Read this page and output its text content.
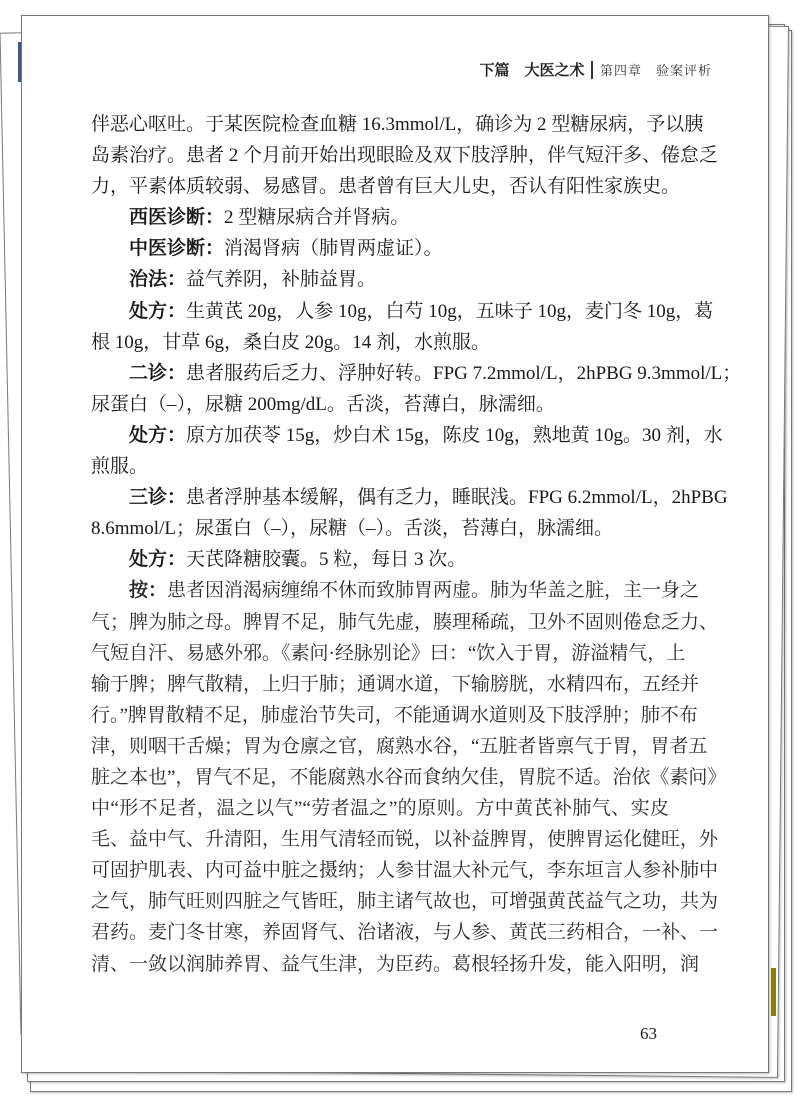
下篇　大医之术 第四章　验案评析
伴恶心呕吐。于某医院检查血糖 16.3mmol/L，确诊为 2 型糖尿病，予以胰
岛素治疗。患者 2 个月前开始出现眼睑及双下肢浮肿，伴气短汗多、倦怠乏
力，平素体质较弱、易感冒。患者曾有巨大儿史，否认有阳性家族史。
西医诊断：2 型糖尿病合并肾病。
中医诊断：消渴肾病（肺胃两虚证）。
治法：益气养阴，补肺益胃。
处方：生黄芪 20g，人参 10g，白芍 10g，五味子 10g，麦门冬 10g，葛
根 10g，甘草 6g，桑白皮 20g。14 剂，水煎服。
二诊：患者服药后乏力、浮肿好转。FPG 7.2mmol/L，2hPBG 9.3mmol/L；
尿蛋白（–），尿糖 200mg/dL。舌淡，苔薄白，脉濡细。
处方：原方加茯苓 15g，炒白术 15g，陈皮 10g，熟地黄 10g。30 剂，水
煎服。
三诊：患者浮肿基本缓解，偶有乏力，睡眠浅。FPG 6.2mmol/L，2hPBG
8.6mmol/L；尿蛋白（–），尿糖（–）。舌淡，苔薄白，脉濡细。
处方：天芪降糖胶囊。5 粒，每日 3 次。
按：患者因消渴病缠绵不休而致肺胃两虚。肺为华盖之脏，主一身之
气；脾为肺之母。脾胃不足，肺气先虚，腠理稀疏，卫外不固则倦怠乏力、
气短自汗、易感外邪。《素问·经脉别论》曰：“饮入于胃，游溢精气，上
输于脾；脾气散精，上归于肺；通调水道，下输膀胱，水精四布，五经并
行。”脾胃散精不足，肺虚治节失司，不能通调水道则及下肢浮肿；肺不布
津，则咽干舌燥；胃为仓廪之官，腐熟水谷，“五脏者皆禀气于胃，胃者五
脏之本也”，胃气不足，不能腐熟水谷而食纳欠佳，胃脘不适。治依《素问》
中“形不足者，温之以气”“劳者温之”的原则。方中黄芪补肺气、实皮
毛、益中气、升清阳，生用气清轻而锐，以补益脾胃，使脾胃运化健旺，外
可固护肌表、内可益中脏之摄纳；人参甘温大补元气，李东垣言人参补肺中
之气，肺气旺则四脏之气皆旺，肺主诸气故也，可增强黄芪益气之功，共为
君药。麦门冬甘寒，养固肾气、治诸液，与人参、黄芪三药相合，一补、一
清、一敛以润肺养胃、益气生津，为臣药。葛根轻扬升发，能入阳明，润
63
